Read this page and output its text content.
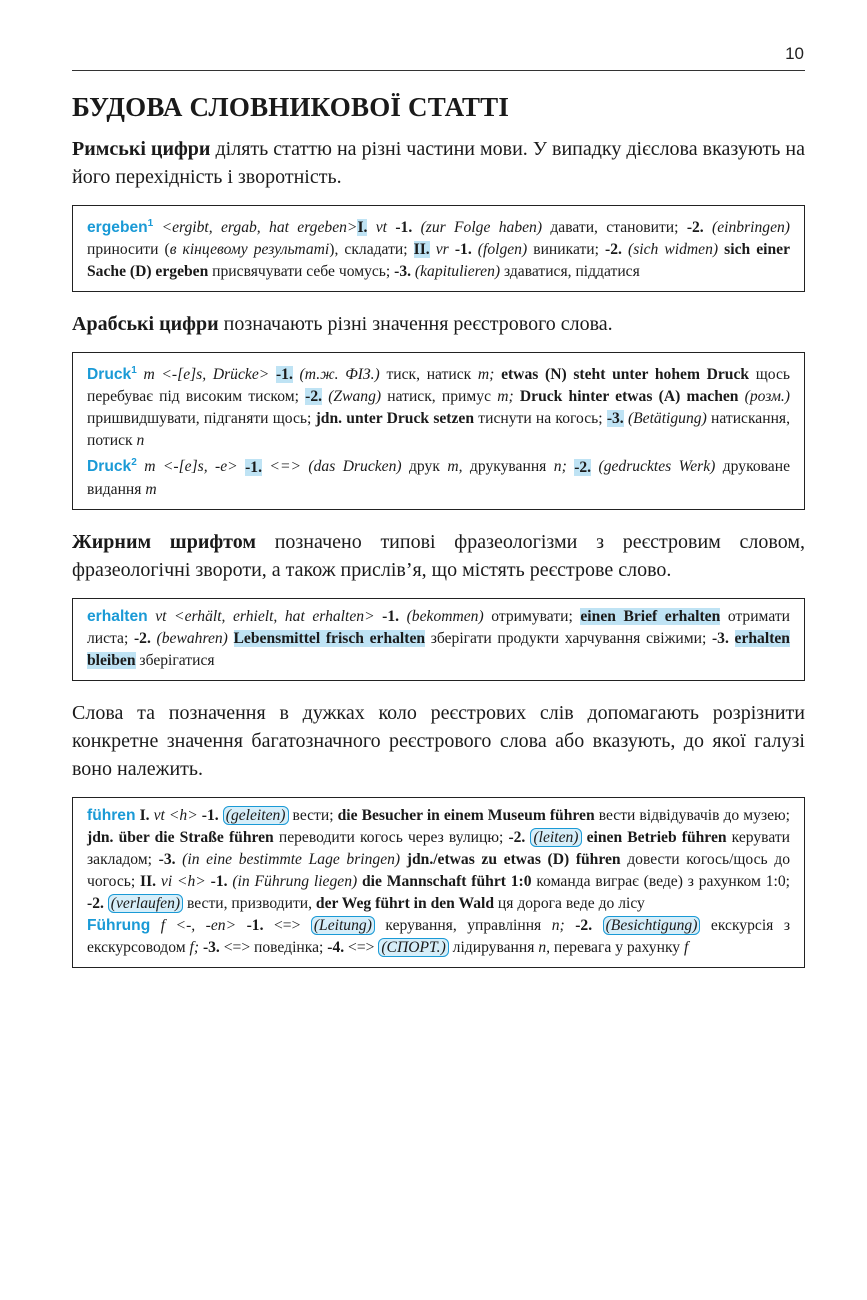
10
БУДОВА СЛОВНИКОВОЇ СТАТТІ

Римські цифри ділять статтю на різні частини мови. У випадку дієслова вказують на його перехідність і зворотність.

ergeben$^1$ <ergibt, ergab, hat ergeben>I. vt -1. (zur Folge haben) давати, становити; -2. (einbringen) приносити (в кінцевому результаті), складати; II. vr -1. (folgen) виникати; -2. (sich widmen) sich einer Sache (D) ergeben присвячувати себе чомусь; -3. (kapitulieren) здаватися, піддатися

Арабські цифри позначають різні значення реєстрового слова.

Druck$^1$ m <-[e]s, Drücke> -1. (т.ж. ФІЗ.) тиск, натиск m; etwas (N) steht unter hohem Druck щось перебуває під високим тиском; -2. (Zwang) натиск, примус m; Druck hinter etwas (A) machen (розм.) пришвидшувати, підганяти щось; jdn. unter Druck setzen тиснути на когось; -3. (Betätigung) натискання, потиск n
Druck$^2$ m <-[e]s, -e> -1. <=> (das Drucken) друк m, друкування n; -2. (gedrucktes Werk) друковане видання m

Жирним шрифтом позначено типові фразеологізми з реєстровим словом, фразеологічні звороти, а також прислів’я, що містять реєстрове слово.

erhalten vt <erhält, erhielt, hat erhalten> -1. (bekommen) отримувати; einen Brief erhalten отримати листа; -2. (bewahren) Lebensmittel frisch erhalten зберігати продукти харчування свіжими; -3. erhalten bleiben зберігатися

Слова та позначення в дужках коло реєстрових слів допомагають розрізнити конкретне значення багатозначного реєстрового слова або вказують, до якої галузі воно належить.

führen I. vt <h> -1. (geleiten) вести; die Besucher in einem Museum führen вести відвідувачів до музею; jdn. über die Straße führen переводити когось через вулицю; -2. (leiten) einen Betrieb führen керувати закладом; -3. (in eine bestimmte Lage bringen) jdn./etwas zu etwas (D) führen довести когось/щось до чогось; II. vi <h> -1. (in Führung liegen) die Mannschaft führt 1:0 команда виграє (веде) з рахунком 1:0; -2. (verlaufen) вести, призводити, der Weg führt in den Wald ця дорога веде до лісу
Führung f <-, -en> -1. <=> (Leitung) керування, управління n; -2. (Besichtigung) екскурсія з екскурсоводом f; -3. <=> поведінка; -4. <=> (СПОРТ.) лідирування n, перевага у рахунку f
